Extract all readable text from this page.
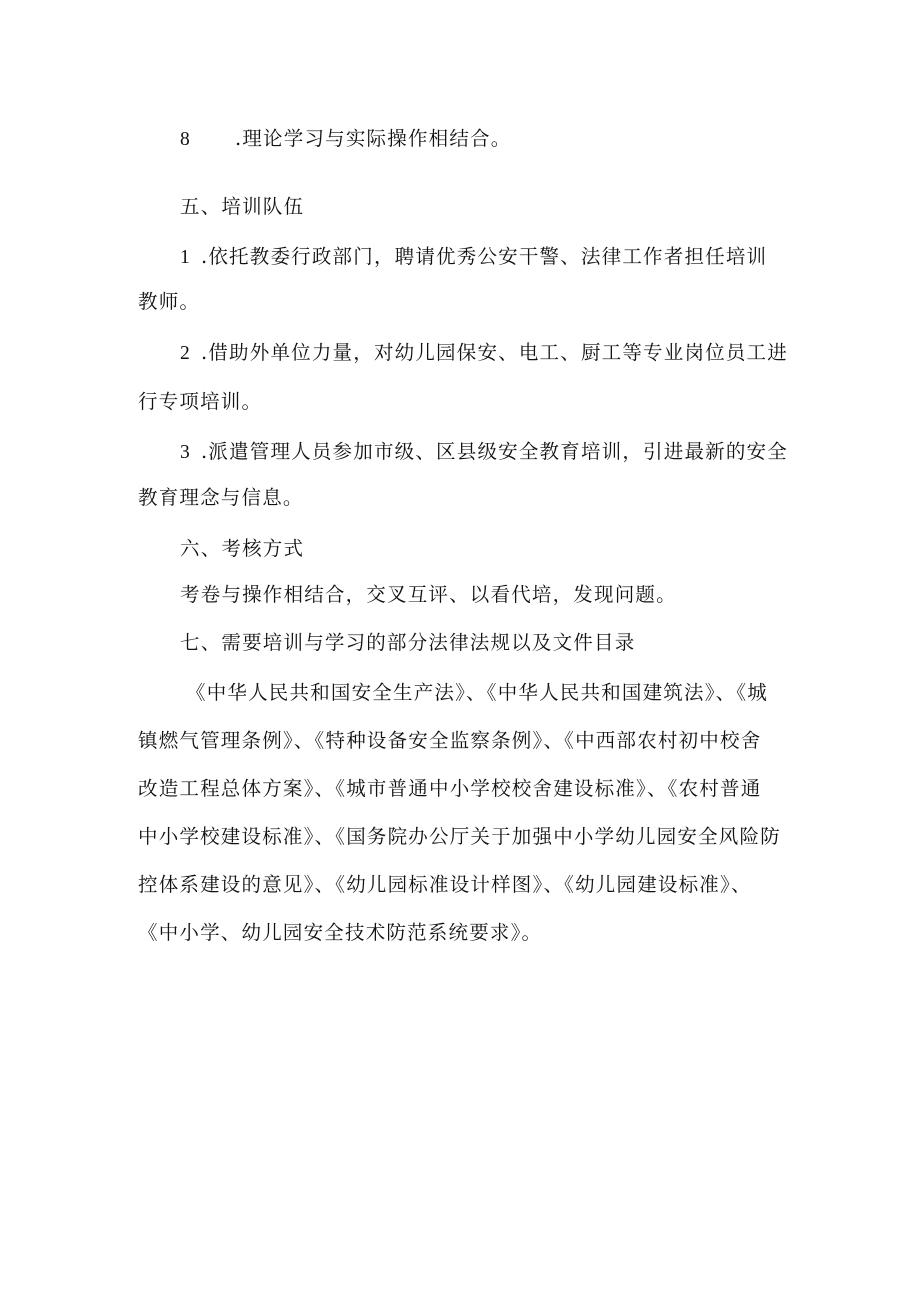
8 .理论学习与实际操作相结合。
五、培训队伍
1 .依托教委行政部门，聘请优秀公安干警、法律工作者担任培训
教师。
2 .借助外单位力量，对幼儿园保安、电工、厨工等专业岗位员工进
行专项培训。
3 .派遣管理人员参加市级、区县级安全教育培训，引进最新的安全
教育理念与信息。
六、考核方式
考卷与操作相结合，交叉互评、以看代培，发现问题。
七、需要培训与学习的部分法律法规以及文件目录
《中华人民共和国安全生产法》、《中华人民共和国建筑法》、《城
镇燃气管理条例》、《特种设备安全监察条例》、《中西部农村初中校舍
改造工程总体方案》、《城市普通中小学校校舍建设标准》、《农村普通
中小学校建设标准》、《国务院办公厅关于加强中小学幼儿园安全风险防
控体系建设的意见》、《幼儿园标准设计样图》、《幼儿园建设标准》、
《中小学、幼儿园安全技术防范系统要求》。
